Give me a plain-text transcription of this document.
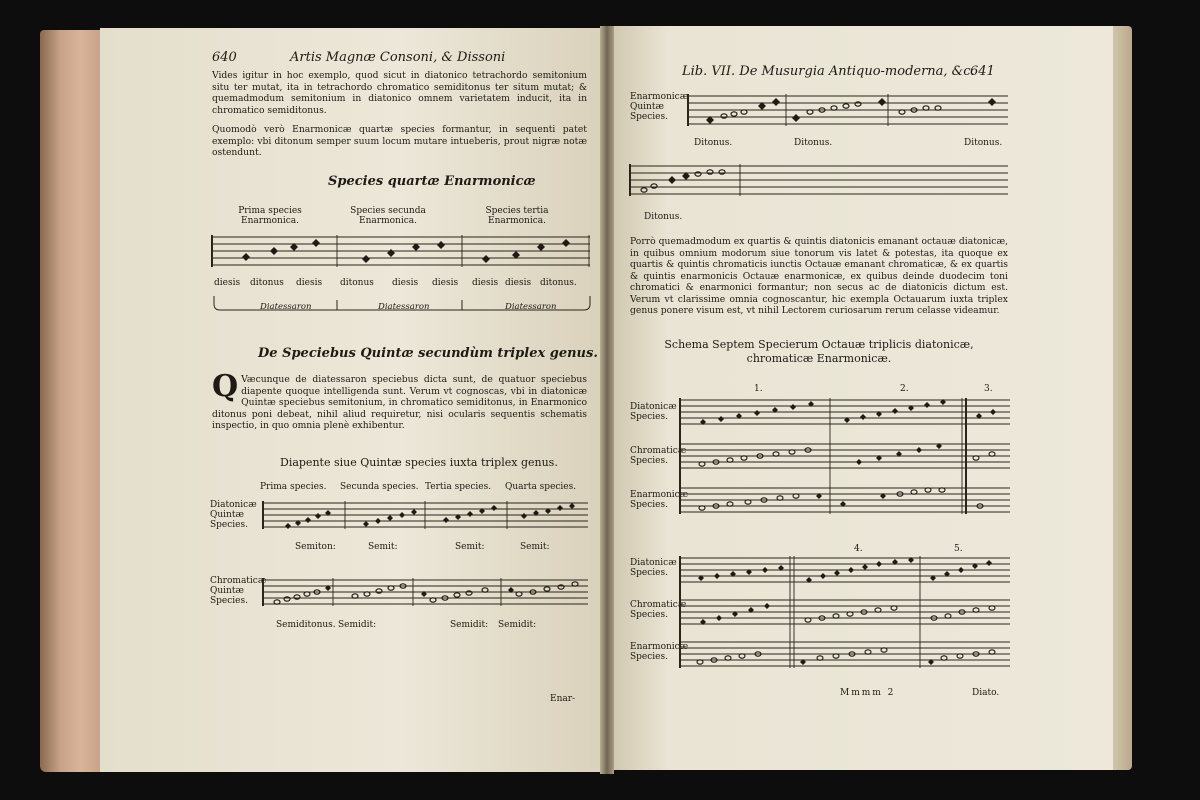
640	Artis Magnæ Consoni, & Dissoni
Vides igitur in hoc exemplo, quod sicut in diatonico tetrachordo semitonium situ ter mutat, ita in tetrachordo chromatico semiditonus ter situm mutat; & quemadmodum semitonium in diatonico omnem varietatem inducit, ita in chromatico semiditonus.
Quomodò verò Enarmonicæ quartæ species formantur, in sequenti patet exemplo: vbi ditonum semper suum locum mutare intueberis, prout nigræ notæ ostendunt.
Species quartæ Enarmonicæ
Prima species Enarmonica.
Species secunda Enarmonica.
Species tertia Enarmonica.
diesis ditonus diesis ditonus diesis diesis diesis diesis ditonus.
Diatessaron	Diatessaron	Diatessaron
De Speciebus Quintæ secundùm triplex genus.
Q Væcunque de diatessaron speciebus dicta sunt, de quatuor speciebus diapente quoque intelligenda sunt. Verum vt cognoscas, vbi in diatonicæ Quintæ speciebus semitonium, in chromatico semiditonus, in Enarmonico ditonus poni debeat, nihil aliud requiretur, nisi ocularis sequentis schematis inspectio, in quo omnia plenè exhibentur.
Diapente siue Quintæ species iuxta triplex genus.
Prima species. Secunda species. Tertia species. Quarta species.
Diatonicæ Quintæ Species.
Semiton:	Semit:	Semit:	Semit:
Chromaticæ Quintæ Species.
Semiditonus. Semidit:	Semidit: Semidit:
Enar-
Lib. VII. De Musurgia Antiquo-moderna, &c.
641
Enarmonicæ Quintæ Species.
Ditonus.	Ditonus.	Ditonus.
Ditonus.
Porrò quemadmodum ex quartis & quintis diatonicis emanant octauæ diatonicæ, in quibus omnium modorum siue tonorum vis latet & potestas, ita quoque ex quartis & quintis chromaticis iunctis Octauæ emanant chromaticæ, & ex quartis & quintis enarmonicis Octauæ enarmonicæ, ex quibus deinde duodecim toni chromatici & enarmonici formantur; non secus ac de diatonicis dictum est. Verum vt clarissime omnia cognoscantur, hic exempla Octauarum iuxta triplex genus ponere visum est, vt nihil Lectorem curiosarum rerum celasse videamur.
Schema Septem Specierum Octauæ triplicis diatonicæ, chromaticæ Enarmonicæ.
1.	2.	3.
Diatonicæ Species.
Chromaticæ Species.
Enarmonicæ Species.
4.	5.
Diatonicæ Species.
Chromaticæ Species.
Enarmonicæ Species.
Mmmm 2	Diato.
